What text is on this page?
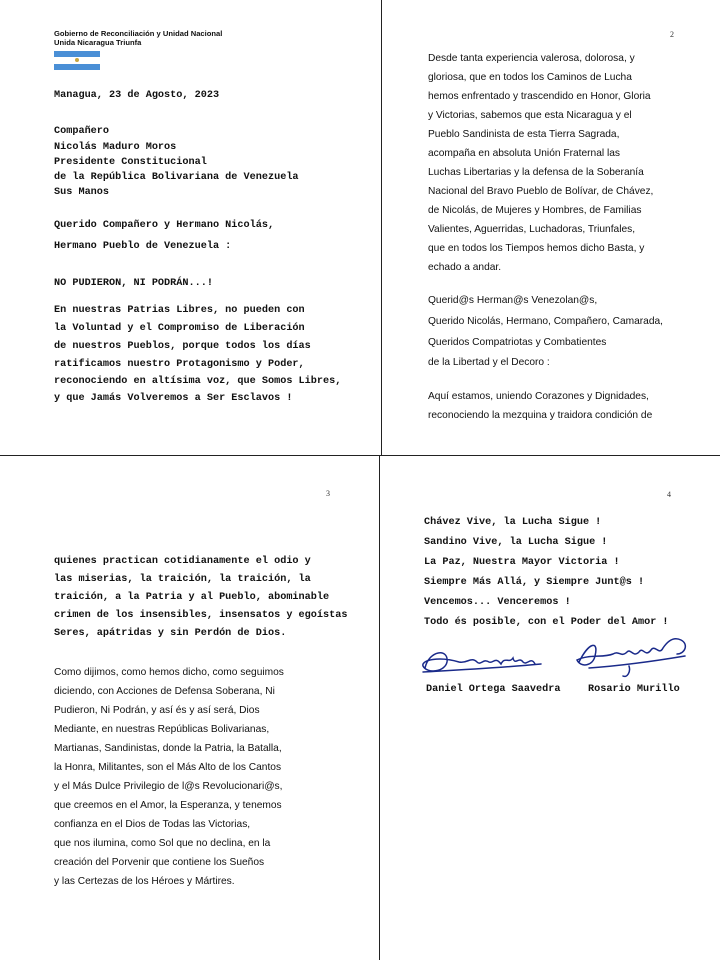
Gobierno de Reconciliación y Unidad Nacional
Unida Nicaragua Triunfa
Managua, 23 de Agosto, 2023
Compañero
Nicolás Maduro Moros
Presidente Constitucional
de la República Bolivariana de Venezuela
Sus Manos
Querido Compañero y Hermano Nicolás,
Hermano Pueblo de Venezuela :
NO PUDIERON, NI PODRÁN...!
En nuestras Patrias Libres, no pueden con
la Voluntad y el Compromiso de Liberación
de nuestros Pueblos, porque todos los días
ratificamos nuestro Protagonismo y Poder,
reconociendo en altísima voz, que Somos Libres,
y que Jamás Volveremos a Ser Esclavos !
2
Desde tanta experiencia valerosa, dolorosa, y
gloriosa, que en todos los Caminos de Lucha
hemos enfrentado y trascendido en Honor, Gloria
y Victorias, sabemos que esta Nicaragua y el
Pueblo Sandinista de esta Tierra Sagrada,
acompaña en absoluta Unión Fraternal las
Luchas Libertarias y la defensa de la Soberanía
Nacional del Bravo Pueblo de Bolívar, de Chávez,
de Nicolás, de Mujeres y Hombres, de Familias
Valientes, Aguerridas, Luchadoras, Triunfales,
que en todos los Tiempos hemos dicho Basta, y
echado a andar.
Querid@s Herman@s Venezolan@s,
Querido Nicolás, Hermano, Compañero, Camarada,
Queridos Compatriotas y Combatientes
de la Libertad y el Decoro :
Aquí estamos, uniendo Corazones y Dignidades,
reconociendo la mezquina y traidora condición de
3
quienes practican cotidianamente el odio y
las miserias, la traición, la traición, la
traición, a la Patria y al Pueblo, abominable
crimen de los insensibles, insensatos y egoístas
Seres, apátridas y sin Perdón de Dios.
Como dijimos, como hemos dicho, como seguimos
diciendo, con Acciones de Defensa Soberana, Ni
Pudieron, Ni Podrán, y así és y así será, Dios
Mediante, en nuestras Repúblicas Bolivarianas,
Martianas, Sandinistas, donde la Patria, la Batalla,
la Honra, Militantes, son el Más Alto de los Cantos
y el Más Dulce Privilegio de l@s Revolucionari@s,
que creemos en el Amor, la Esperanza, y tenemos
confianza en el Dios de Todas las Victorias,
que nos ilumina, como Sol que no declina, en la
creación del Porvenir que contiene los Sueños
y las Certezas de los Héroes y Mártires.
4
Chávez Vive, la Lucha Sigue !
Sandino Vive, la Lucha Sigue !
La Paz, Nuestra Mayor Victoria !
Siempre Más Allá, y Siempre Junt@s !
Vencemos... Venceremos !
Todo és posible, con el Poder del Amor !
Daniel Ortega Saavedra	Rosario Murillo
